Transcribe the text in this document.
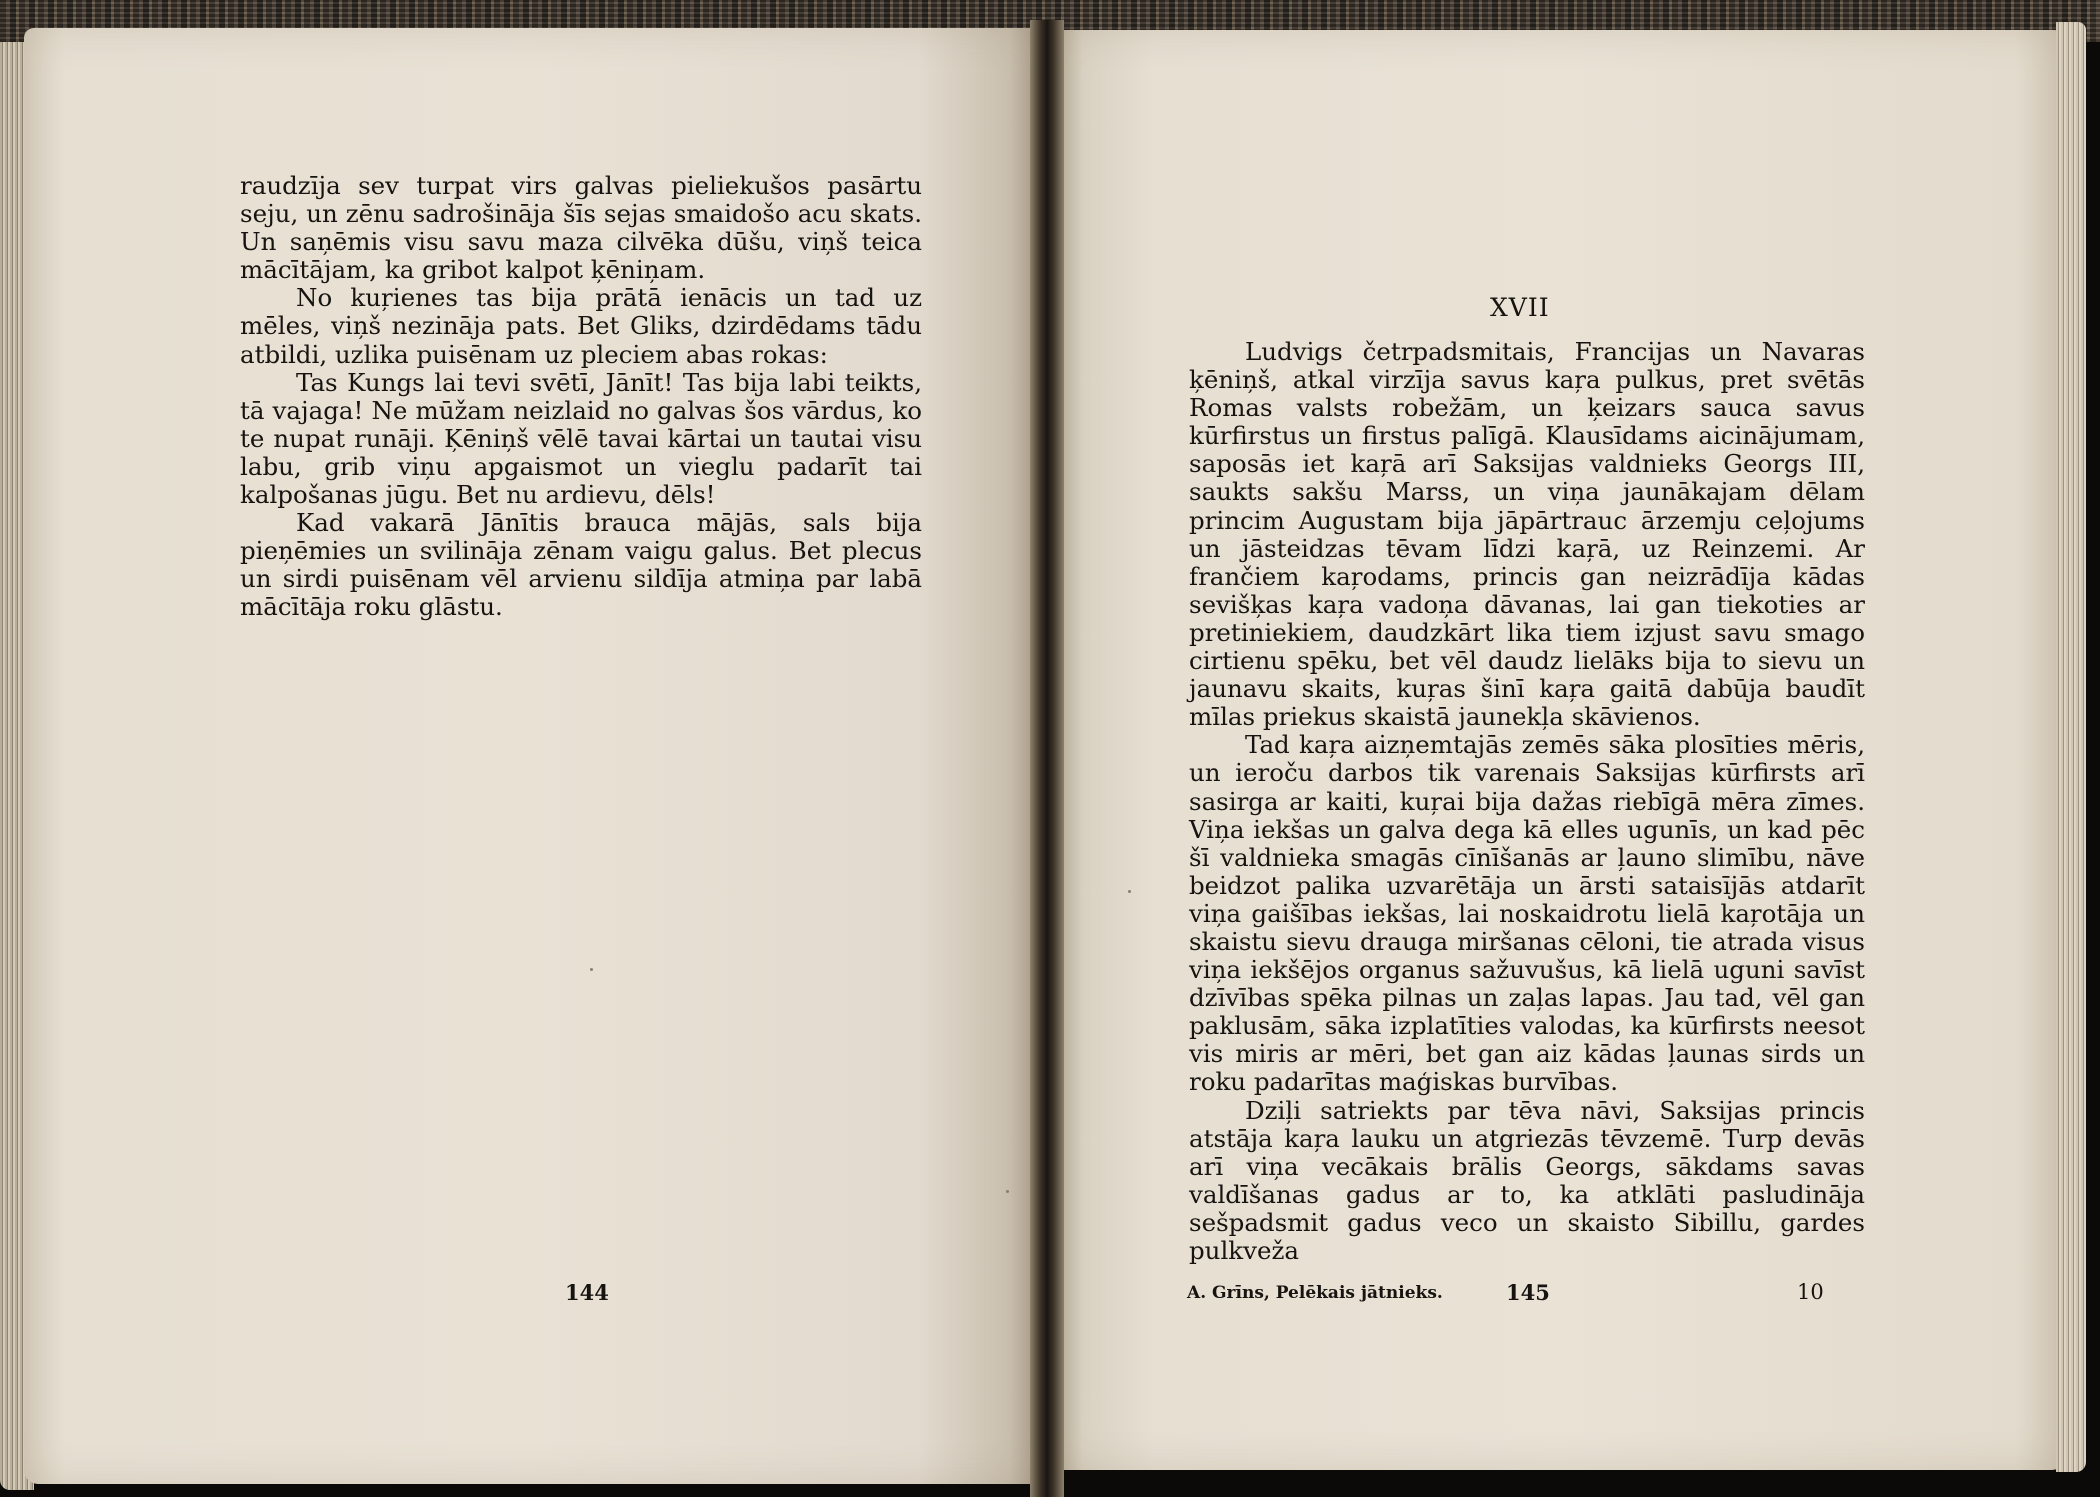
raudzīja sev turpat virs galvas pieliekušos pasārtu seju, un zēnu sadrošināja šīs sejas smaidošo acu skats. Un saņēmis visu savu maza cilvēka dūšu, viņš teica mācītājam, ka gribot kalpot ķēniņam.

No kuŗienes tas bija prātā ienācis un tad uz mēles, viņš nezināja pats. Bet Gliks, dzirdēdams tādu atbildi, uzlika puisēnam uz pleciem abas rokas:

Tas Kungs lai tevi svētī, Jānīt! Tas bija labi teikts, tā vajaga! Ne mūžam neizlaid no galvas šos vārdus, ko te nupat runāji. Ķēniņš vēlē tavai kārtai un tautai visu labu, grib viņu apgaismot un vieglu padarīt tai kalpošanas jūgu. Bet nu ardievu, dēls!

Kad vakarā Jānītis brauca mājās, sals bija pieņēmies un svilināja zēnam vaigu galus. Bet plecus un sirdi puisēnam vēl arvienu sildīja atmiņa par labā mācītāja roku glāstu.

XVII

Ludvigs četrpadsmitais, Francijas un Navaras ķēniņš, atkal virzīja savus kaŗa pulkus, pret svētās Romas valsts robežām, un ķeizars sauca savus kūrfirstus un firstus palīgā. Klausīdams aicinājumam, saposās iet kaŗā arī Saksijas valdnieks Georgs III, saukts sakšu Marss, un viņa jaunākajam dēlam princim Augustam bija jāpārtrauc ārzemju ceļojums un jāsteidzas tēvam līdzi kaŗā, uz Reinzemi. Ar frančiem kaŗodams, princis gan neizrādīja kādas sevišķas kaŗa vadoņa dāvanas, lai gan tiekoties ar pretiniekiem, daudzkārt lika tiem izjust savu smago cirtienu spēku, bet vēl daudz lielāks bija to sievu un jaunavu skaits, kuŗas šinī kaŗa gaitā dabūja baudīt mīlas priekus skaistā jaunekļa skāvienos.

Tad kaŗa aizņemtajās zemēs sāka plosīties mēris, un ieroču darbos tik varenais Saksijas kūrfirsts arī sasirga ar kaiti, kuŗai bija dažas riebīgā mēra zīmes. Viņa iekšas un galva dega kā elles ugunīs, un kad pēc šī valdnieka smagās cīnīšanās ar ļauno slimību, nāve beidzot palika uzvarētāja un ārsti sataisījās atdarīt viņa gaišības iekšas, lai noskaidrotu lielā kaŗotāja un skaistu sievu drauga miršanas cēloni, tie atrada visus viņa iekšējos organus sažuvušus, kā lielā uguni savīst dzīvības spēka pilnas un zaļas lapas. Jau tad, vēl gan paklusām, sāka izplatīties valodas, ka kūrfirsts neesot vis miris ar mēri, bet gan aiz kādas ļaunas sirds un roku padarītas maģiskas burvības.

Dziļi satriekts par tēva nāvi, Saksijas princis atstāja kaŗa lauku un atgriezās tēvzemē. Turp devās arī viņa vecākais brālis Georgs, sākdams savas valdīšanas gadus ar to, ka atklāti pasludināja sešpadsmit gadus veco un skaisto Sibillu, gardes pulkveža

144	A. Grīns, Pelēkais jātnieks.	145	10
